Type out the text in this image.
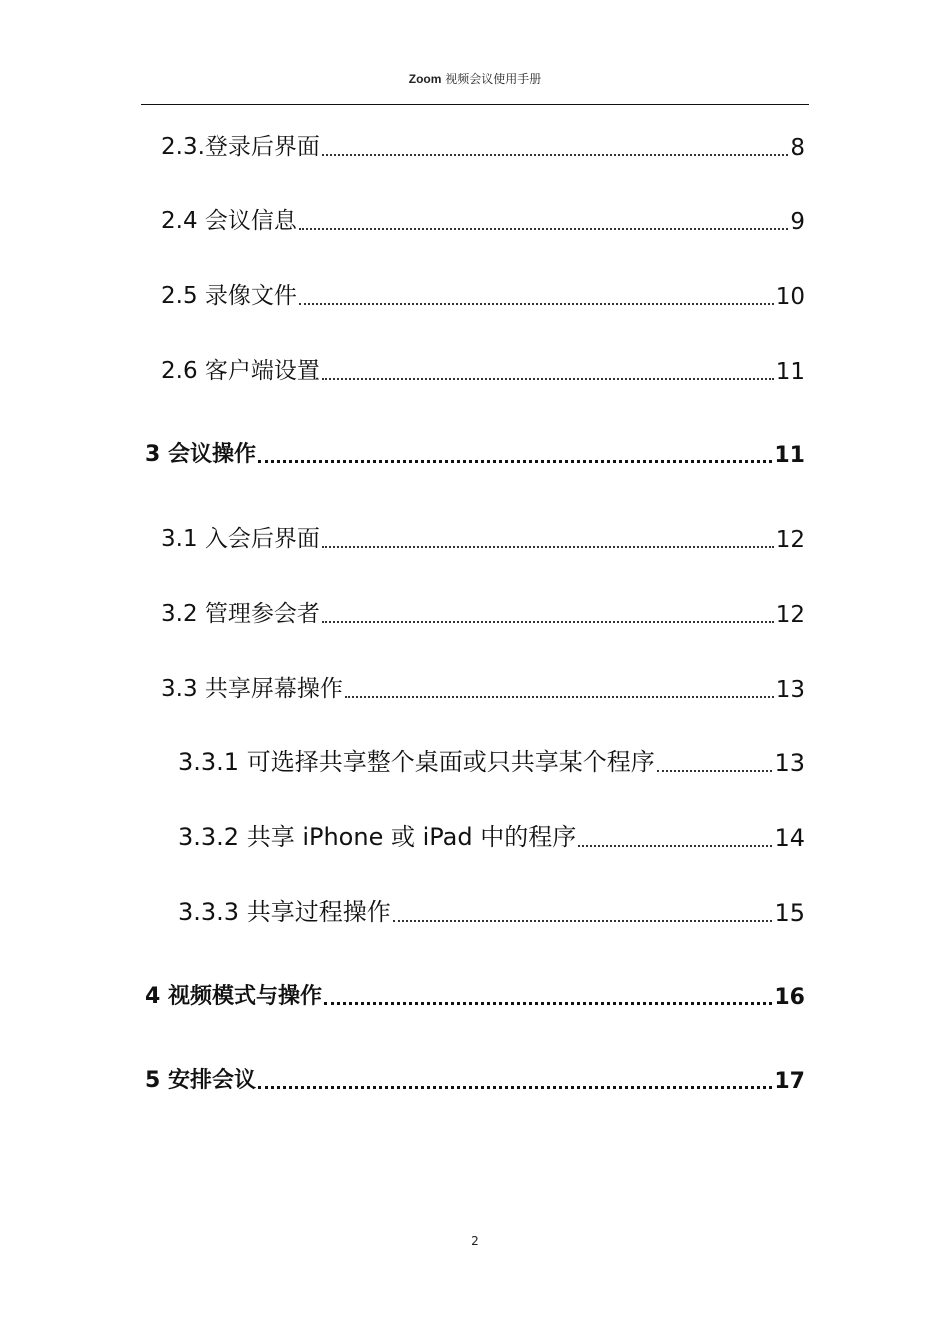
Zoom 视频会议使用手册
2.3.登录后界面	8
2.4 会议信息	9
2.5 录像文件	10
2.6 客户端设置	11
3 会议操作	11
3.1 入会后界面	12
3.2 管理参会者	12
3.3 共享屏幕操作	13
3.3.1 可选择共享整个桌面或只共享某个程序	13
3.3.2 共享 iPhone 或 iPad 中的程序	14
3.3.3 共享过程操作	15
4 视频模式与操作	16
5 安排会议	17
2
